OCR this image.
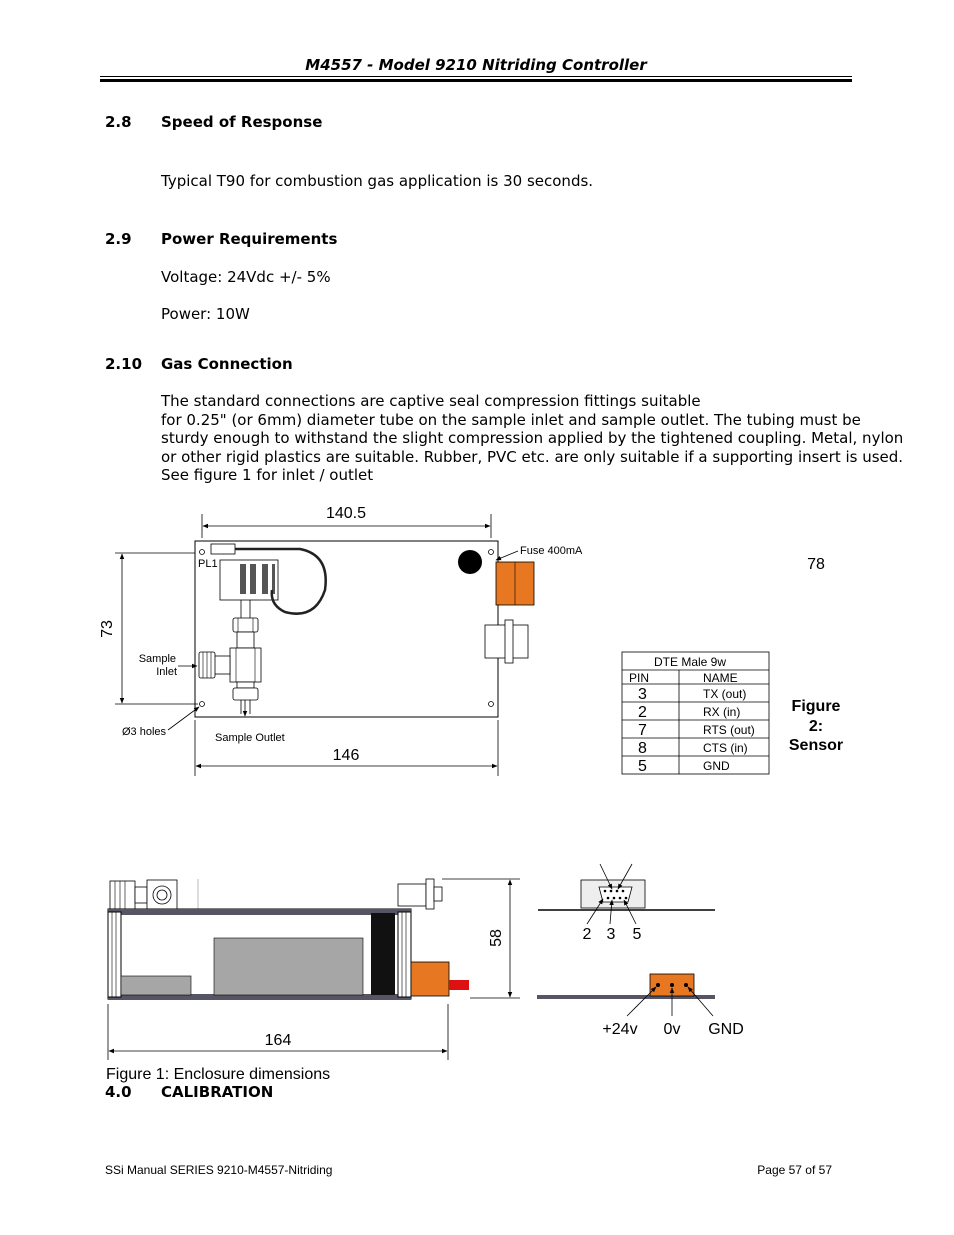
M4557 - Model 9210 Nitriding Controller
2.8 Speed of Response
Typical T90 for combustion gas application is 30 seconds.
2.9 Power Requirements
Voltage: 24Vdc +/- 5%
Power: 10W
2.10 Gas Connection
The standard connections are captive seal compression fittings suitable
for 0.25" (or 6mm) diameter tube on the sample inlet and sample outlet. The tubing must be
sturdy enough to withstand the slight compression applied by the tightened coupling. Metal, nylon
or other rigid plastics are suitable. Rubber, PVC etc. are only suitable if a supporting insert is used.
See figure 1 for inlet / outlet
140.5
73
PL1
Sample
Inlet
Sample Outlet
Ø3 holes
Fuse 400mA
146
78
DTE Male 9w
PIN	NAME
3	TX (out)
2	RX (in)
7	RTS (out)
8	CTS (in)
5	GND
Figure
2:
Sensor
58
164
Figure 1: Enclosure dimensions
2 3 5
+24v 0v GND
4.0 CALIBRATION
SSi Manual SERIES 9210-M4557-Nitriding	Page 57 of 57
